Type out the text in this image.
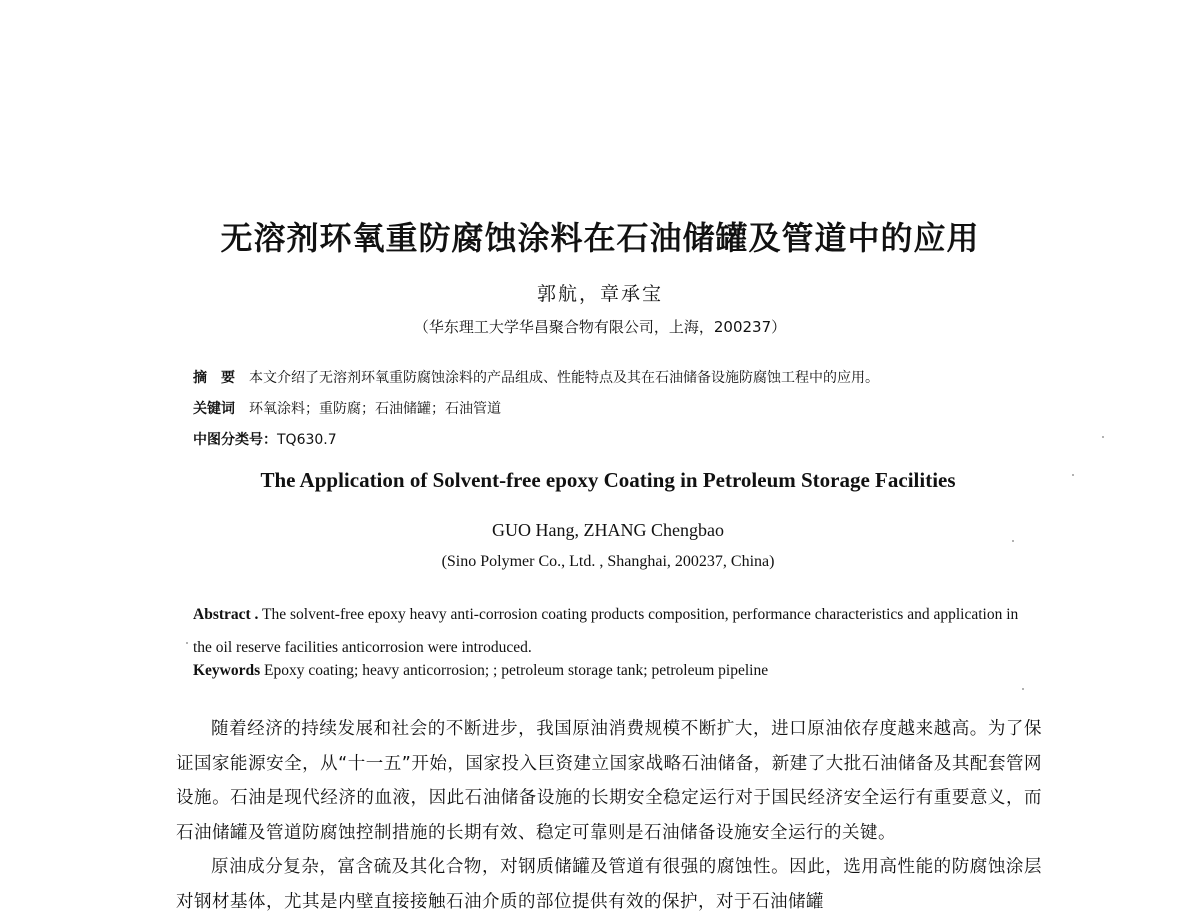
无溶剂环氧重防腐蚀涂料在石油储罐及管道中的应用
郭航，章承宝
（华东理工大学华昌聚合物有限公司，上海，200237）
摘　要 本文介绍了无溶剂环氧重防腐蚀涂料的产品组成、性能特点及其在石油储备设施防腐蚀工程中的应用。
关键词 环氧涂料；重防腐；石油储罐；石油管道
中图分类号：TQ630.7
The Application of Solvent-free epoxy Coating in Petroleum Storage Facilities
GUO Hang, ZHANG Chengbao
(Sino Polymer Co., Ltd. , Shanghai, 200237, China)
Abstract . The solvent-free epoxy heavy anti-corrosion coating products composition, performance characteristics and application in the oil reserve facilities anticorrosion were introduced.
Keywords Epoxy coating; heavy anticorrosion; ; petroleum storage tank; petroleum pipeline

随着经济的持续发展和社会的不断进步，我国原油消费规模不断扩大，进口原油依存度越来越高。为了保证国家能源安全，从“十一五”开始，国家投入巨资建立国家战略石油储备，新建了大批石油储备及其配套管网设施。石油是现代经济的血液，因此石油储备设施的长期安全稳定运行对于国民经济安全运行有重要意义，而石油储罐及管道防腐蚀控制措施的长期有效、稳定可靠则是石油储备设施安全运行的关键。

原油成分复杂，富含硫及其化合物，对钢质储罐及管道有很强的腐蚀性。因此，选用高性能的防腐蚀涂层对钢材基体，尤其是内壁直接接触石油介质的部位提供有效的保护，对于石油储罐
